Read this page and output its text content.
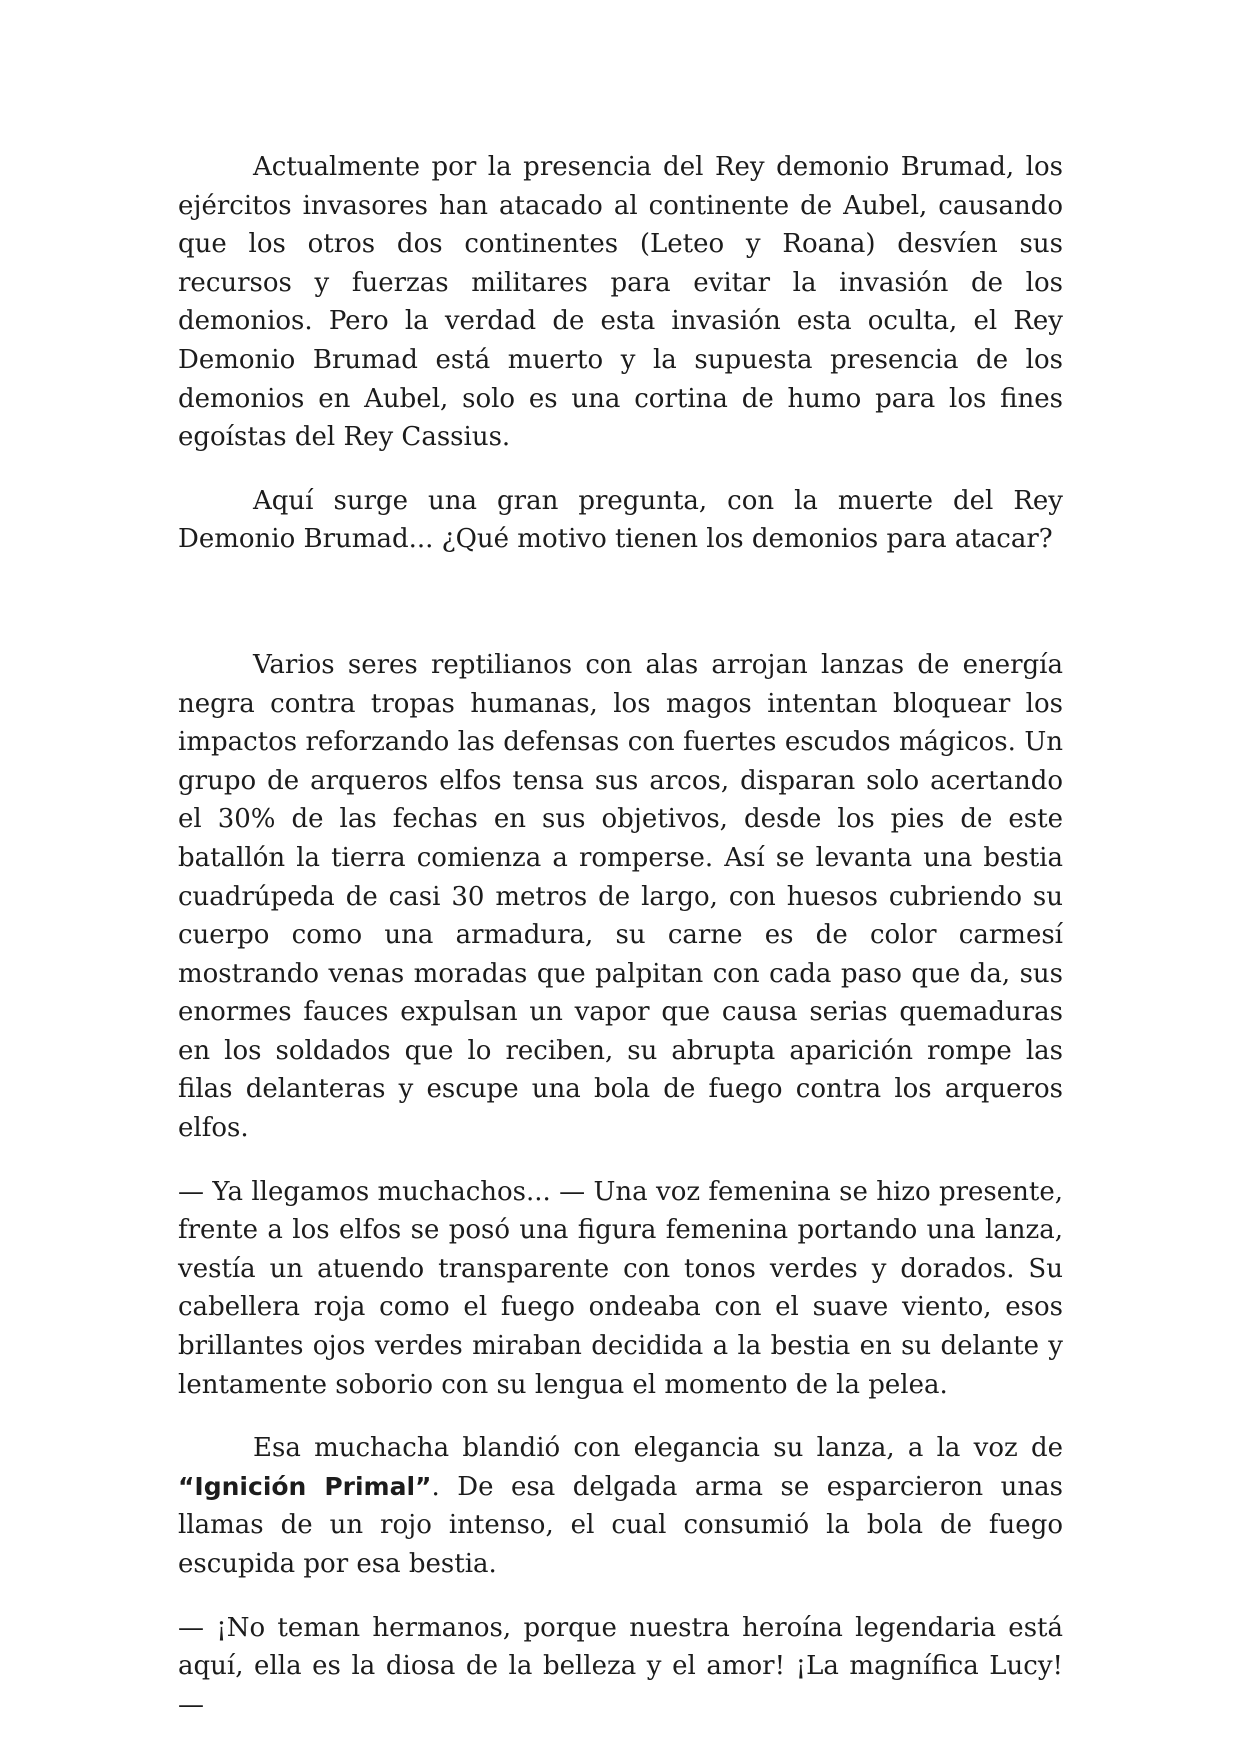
Actualmente por la presencia del Rey demonio Brumad, los ejércitos invasores han atacado al continente de Aubel, causando que los otros dos continentes (Leteo y Roana) desvíen sus recursos y fuerzas militares para evitar la invasión de los demonios. Pero la verdad de esta invasión esta oculta, el Rey Demonio Brumad está muerto y la supuesta presencia de los demonios en Aubel, solo es una cortina de humo para los fines egoístas del Rey Cassius.

Aquí surge una gran pregunta, con la muerte del Rey Demonio Brumad... ¿Qué motivo tienen los demonios para atacar?

Varios seres reptilianos con alas arrojan lanzas de energía negra contra tropas humanas, los magos intentan bloquear los impactos reforzando las defensas con fuertes escudos mágicos. Un grupo de arqueros elfos tensa sus arcos, disparan solo acertando el 30% de las fechas en sus objetivos, desde los pies de este batallón la tierra comienza a romperse. Así se levanta una bestia cuadrúpeda de casi 30 metros de largo, con huesos cubriendo su cuerpo como una armadura, su carne es de color carmesí mostrando venas moradas que palpitan con cada paso que da, sus enormes fauces expulsan un vapor que causa serias quemaduras en los soldados que lo reciben, su abrupta aparición rompe las filas delanteras y escupe una bola de fuego contra los arqueros elfos.

— Ya llegamos muchachos... — Una voz femenina se hizo presente, frente a los elfos se posó una figura femenina portando una lanza, vestía un atuendo transparente con tonos verdes y dorados. Su cabellera roja como el fuego ondeaba con el suave viento, esos brillantes ojos verdes miraban decidida a la bestia en su delante y lentamente soborio con su lengua el momento de la pelea.

Esa muchacha blandió con elegancia su lanza, a la voz de “Ignición Primal”. De esa delgada arma se esparcieron unas llamas de un rojo intenso, el cual consumió la bola de fuego escupida por esa bestia.

— ¡No teman hermanos, porque nuestra heroína legendaria está aquí, ella es la diosa de la belleza y el amor! ¡La magnífica Lucy! —
